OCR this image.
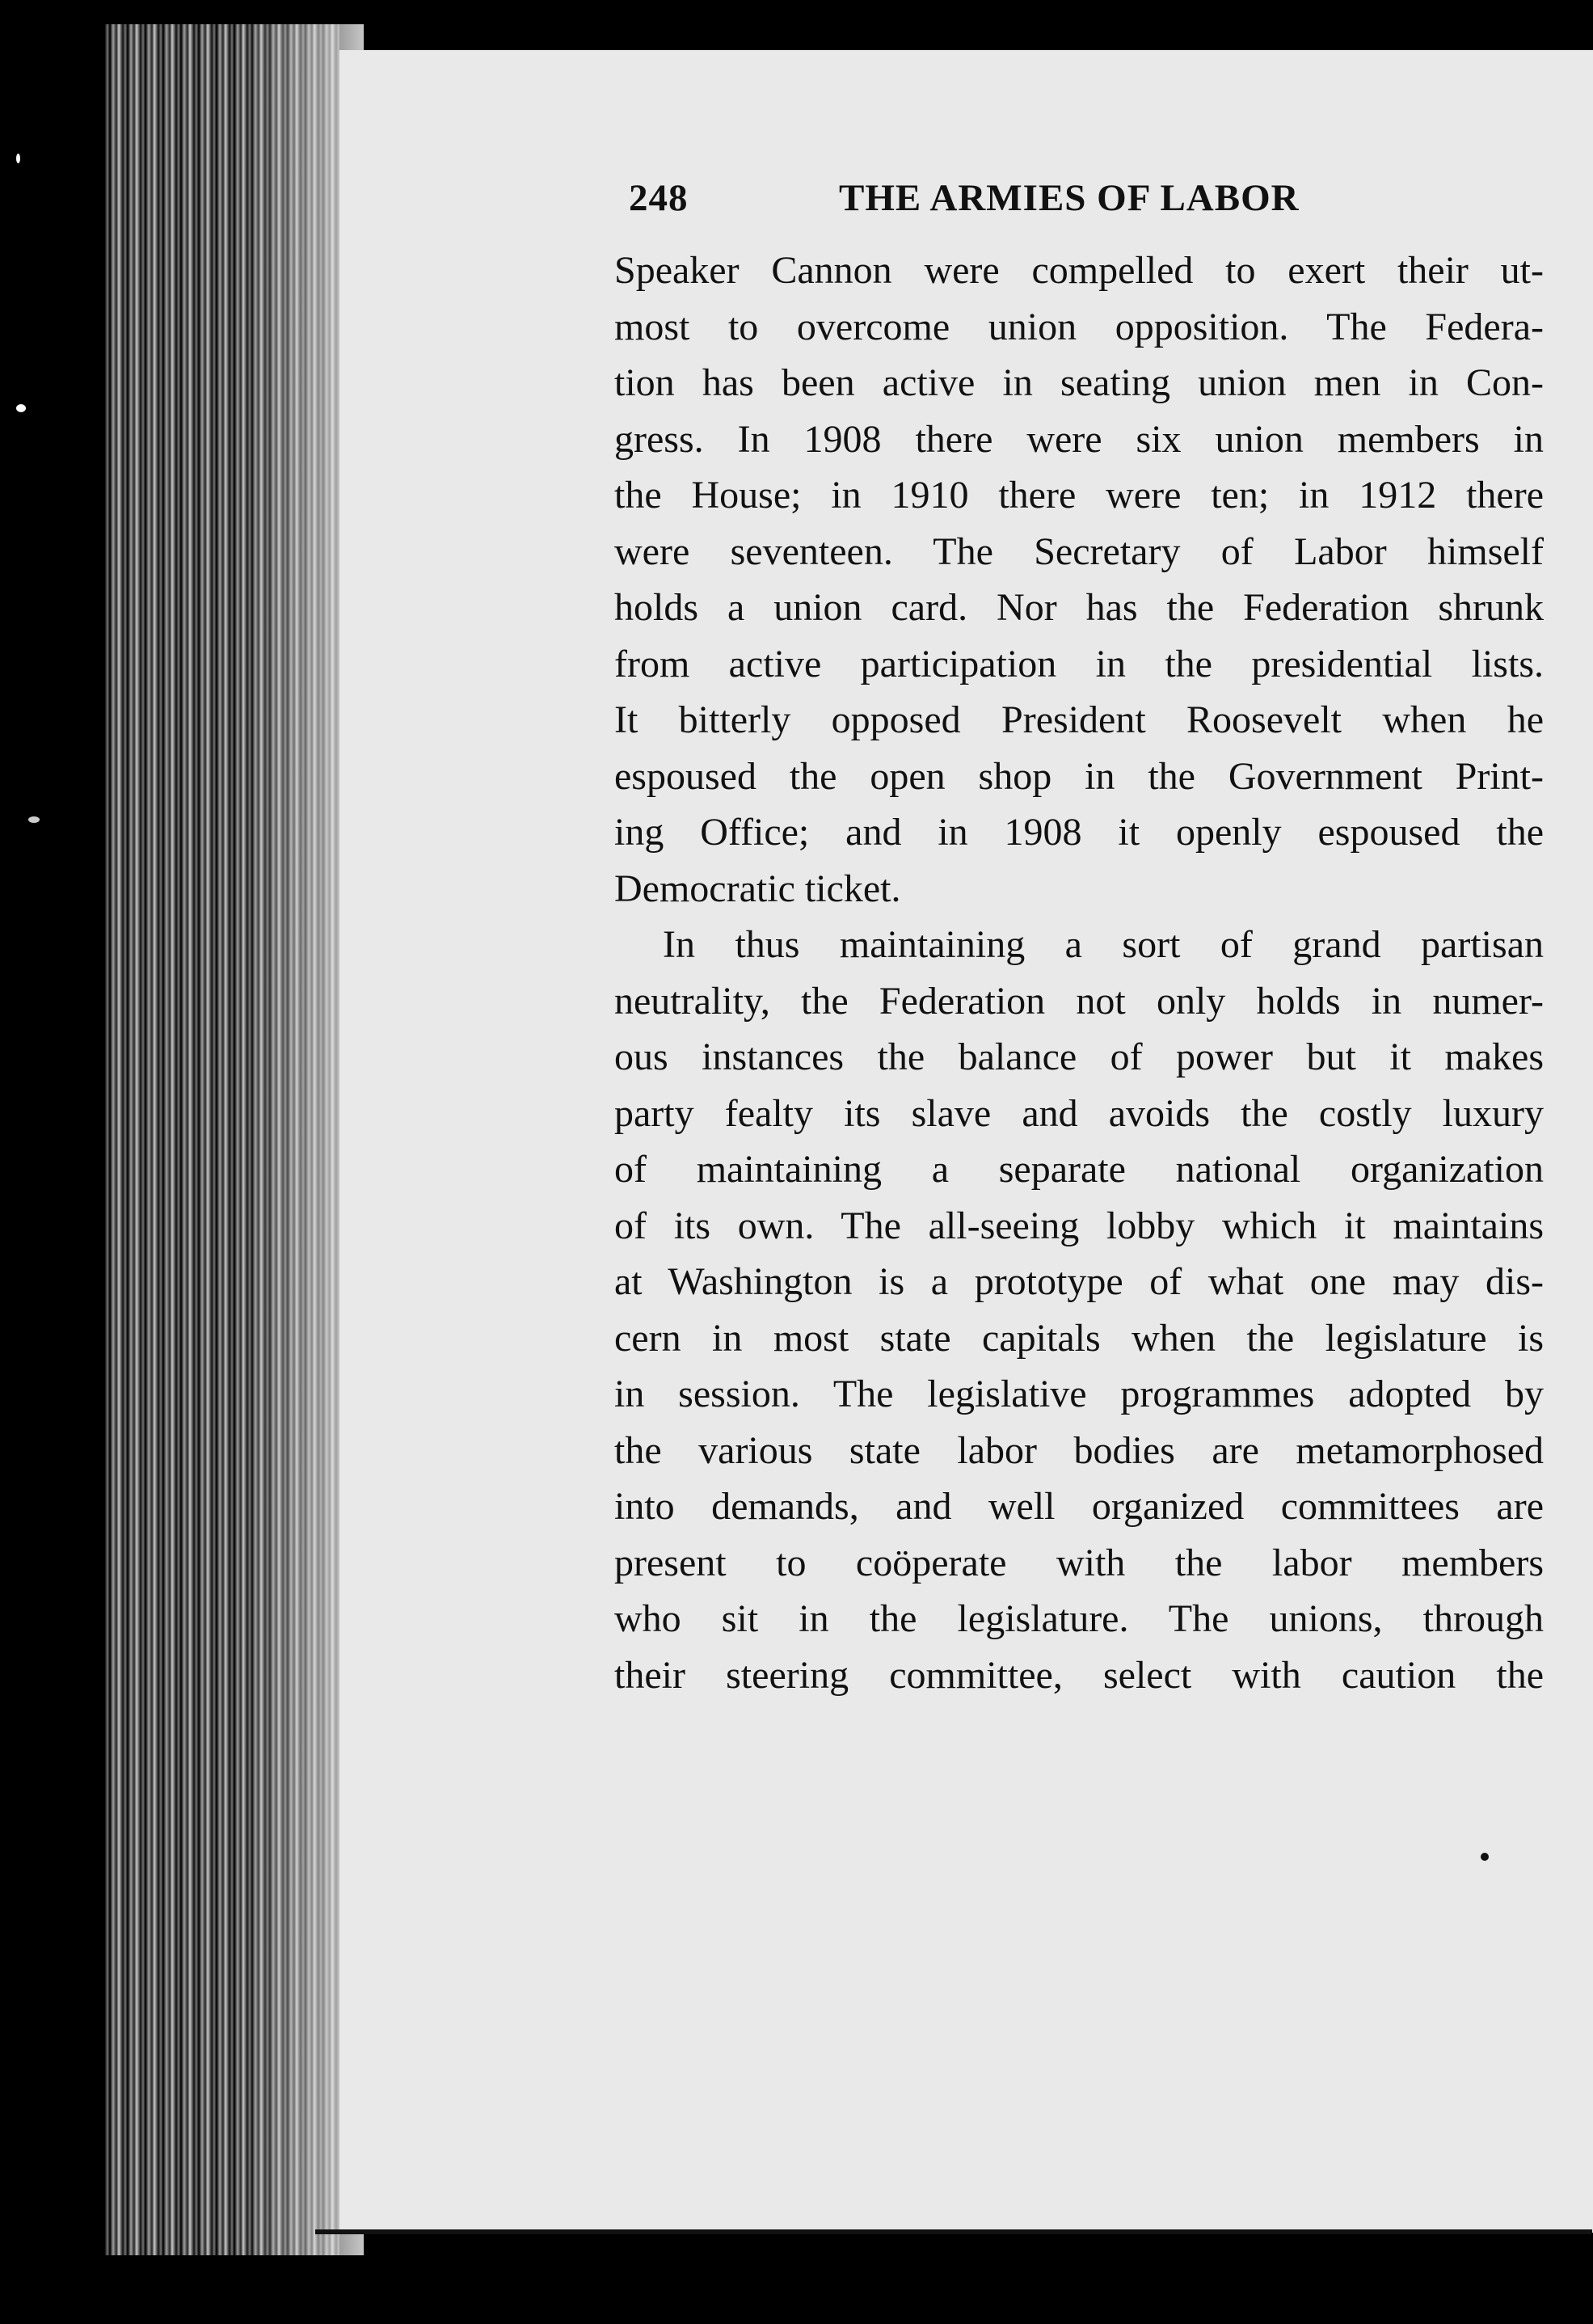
248	THE ARMIES OF LABOR
Speaker Cannon were compelled to exert their ut-
most to overcome union opposition. The Federa-
tion has been active in seating union men in Con-
gress. In 1908 there were six union members in
the House; in 1910 there were ten; in 1912 there
were seventeen. The Secretary of Labor himself
holds a union card. Nor has the Federation shrunk
from active participation in the presidential lists.
It bitterly opposed President Roosevelt when he
espoused the open shop in the Government Print-
ing Office; and in 1908 it openly espoused the
Democratic ticket.
In thus maintaining a sort of grand partisan
neutrality, the Federation not only holds in numer-
ous instances the balance of power but it makes
party fealty its slave and avoids the costly luxury
of maintaining a separate national organization
of its own. The all-seeing lobby which it maintains
at Washington is a prototype of what one may dis-
cern in most state capitals when the legislature is
in session. The legislative programmes adopted by
the various state labor bodies are metamorphosed
into demands, and well organized committees are
present to coöperate with the labor members
who sit in the legislature. The unions, through
their steering committee, select with caution the
